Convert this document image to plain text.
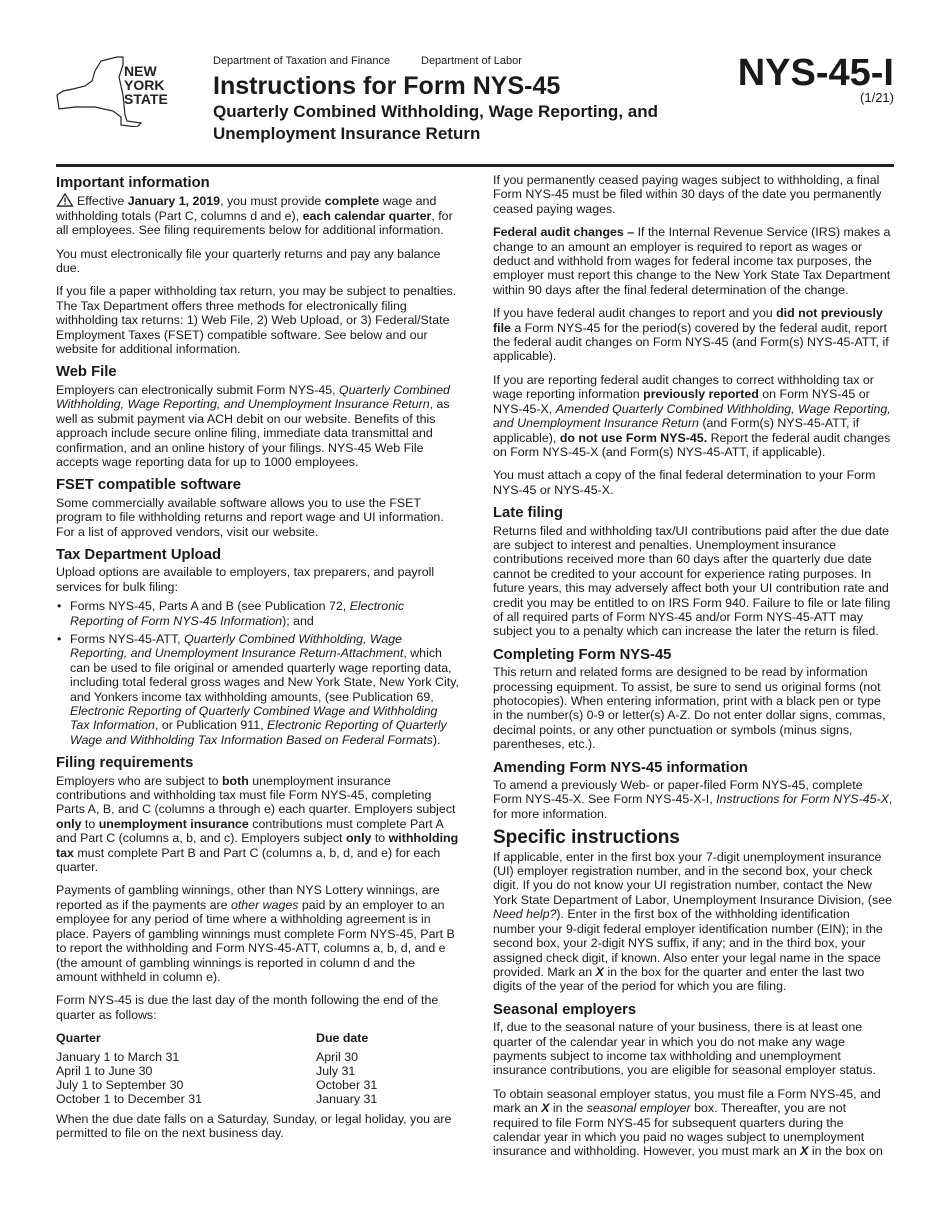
NEW
YORK
STATE
Department of Taxation and Finance	Department of Labor
Instructions for Form NYS-45
Quarterly Combined Withholding, Wage Reporting, and Unemployment Insurance Return
NYS-45-I
(1/21)
Important information

Effective January 1, 2019, you must provide complete wage and withholding totals (Part C, columns d and e), each calendar quarter, for all employees. See filing requirements below for additional information.

You must electronically file your quarterly returns and pay any balance due.

If you file a paper withholding tax return, you may be subject to penalties. The Tax Department offers three methods for electronically filing withholding tax returns: 1) Web File, 2) Web Upload, or 3) Federal/State Employment Taxes (FSET) compatible software. See below and our website for additional information.

Web File

Employers can electronically submit Form NYS-45, Quarterly Combined Withholding, Wage Reporting, and Unemployment Insurance Return, as well as submit payment via ACH debit on our website. Benefits of this approach include secure online filing, immediate data transmittal and confirmation, and an online history of your filings. NYS-45 Web File accepts wage reporting data for up to 1000 employees.

FSET compatible software

Some commercially available software allows you to use the FSET program to file withholding returns and report wage and UI information. For a list of approved vendors, visit our website.

Tax Department Upload

Upload options are available to employers, tax preparers, and payroll services for bulk filing:

• Forms NYS-45, Parts A and B (see Publication 72, Electronic Reporting of Form NYS-45 Information); and
• Forms NYS-45-ATT, Quarterly Combined Withholding, Wage Reporting, and Unemployment Insurance Return-Attachment, which can be used to file original or amended quarterly wage reporting data, including total federal gross wages and New York State, New York City, and Yonkers income tax withholding amounts, (see Publication 69, Electronic Reporting of Quarterly Combined Wage and Withholding Tax Information, or Publication 911, Electronic Reporting of Quarterly Wage and Withholding Tax Information Based on Federal Formats).
Filing requirements

Employers who are subject to both unemployment insurance contributions and withholding tax must file Form NYS-45, completing Parts A, B, and C (columns a through e) each quarter. Employers subject only to unemployment insurance contributions must complete Part A and Part C (columns a, b, and c). Employers subject only to withholding tax must complete Part B and Part C (columns a, b, d, and e) for each quarter.

Payments of gambling winnings, other than NYS Lottery winnings, are reported as if the payments are other wages paid by an employer to an employee for any period of time where a withholding agreement is in place. Payers of gambling winnings must complete Form NYS-45, Part B to report the withholding and Form NYS-45-ATT, columns a, b, d, and e (the amount of gambling winnings is reported in column d and the amount withheld in column e).

Form NYS-45 is due the last day of the month following the end of the quarter as follows:

Quarter	Due date
January 1 to March 31	April 30
April 1 to June 30	July 31
July 1 to September 30	October 31
October 1 to December 31	January 31

When the due date falls on a Saturday, Sunday, or legal holiday, you are permitted to file on the next business day.

If you permanently ceased paying wages subject to withholding, a final Form NYS-45 must be filed within 30 days of the date you permanently ceased paying wages.

Federal audit changes – If the Internal Revenue Service (IRS) makes a change to an amount an employer is required to report as wages or deduct and withhold from wages for federal income tax purposes, the employer must report this change to the New York State Tax Department within 90 days after the final federal determination of the change.

If you have federal audit changes to report and you did not previously file a Form NYS-45 for the period(s) covered by the federal audit, report the federal audit changes on Form NYS-45 (and Form(s) NYS-45-ATT, if applicable).

If you are reporting federal audit changes to correct withholding tax or wage reporting information previously reported on Form NYS-45 or NYS-45-X, Amended Quarterly Combined Withholding, Wage Reporting, and Unemployment Insurance Return (and Form(s) NYS-45-ATT, if applicable), do not use Form NYS-45. Report the federal audit changes on Form NYS-45-X (and Form(s) NYS-45-ATT, if applicable).

You must attach a copy of the final federal determination to your Form NYS-45 or NYS-45-X.

Late filing

Returns filed and withholding tax/UI contributions paid after the due date are subject to interest and penalties. Unemployment insurance contributions received more than 60 days after the quarterly due date cannot be credited to your account for experience rating purposes. In future years, this may adversely affect both your UI contribution rate and credit you may be entitled to on IRS Form 940. Failure to file or late filing of all required parts of Form NYS-45 and/or Form NYS-45-ATT may subject you to a penalty which can increase the later the return is filed.

Completing Form NYS-45

This return and related forms are designed to be read by information processing equipment. To assist, be sure to send us original forms (not photocopies). When entering information, print with a black pen or type in the number(s) 0-9 or letter(s) A-Z. Do not enter dollar signs, commas, decimal points, or any other punctuation or symbols (minus signs, parentheses, etc.).

Amending Form NYS-45 information

To amend a previously Web- or paper-filed Form NYS-45, complete Form NYS-45-X. See Form NYS-45-X-I, Instructions for Form NYS-45-X, for more information.

Specific instructions

If applicable, enter in the first box your 7-digit unemployment insurance (UI) employer registration number, and in the second box, your check digit. If you do not know your UI registration number, contact the New York State Department of Labor, Unemployment Insurance Division, (see Need help?). Enter in the first box of the withholding identification number your 9-digit federal employer identification number (EIN); in the second box, your 2-digit NYS suffix, if any; and in the third box, your assigned check digit, if known. Also enter your legal name in the space provided. Mark an X in the box for the quarter and enter the last two digits of the year of the period for which you are filing.

Seasonal employers

If, due to the seasonal nature of your business, there is at least one quarter of the calendar year in which you do not make any wage payments subject to income tax withholding and unemployment insurance contributions, you are eligible for seasonal employer status.

To obtain seasonal employer status, you must file a Form NYS-45, and mark an X in the seasonal employer box. Thereafter, you are not required to file Form NYS-45 for subsequent quarters during the calendar year in which you paid no wages subject to unemployment insurance and withholding. However, you must mark an X in the box on
